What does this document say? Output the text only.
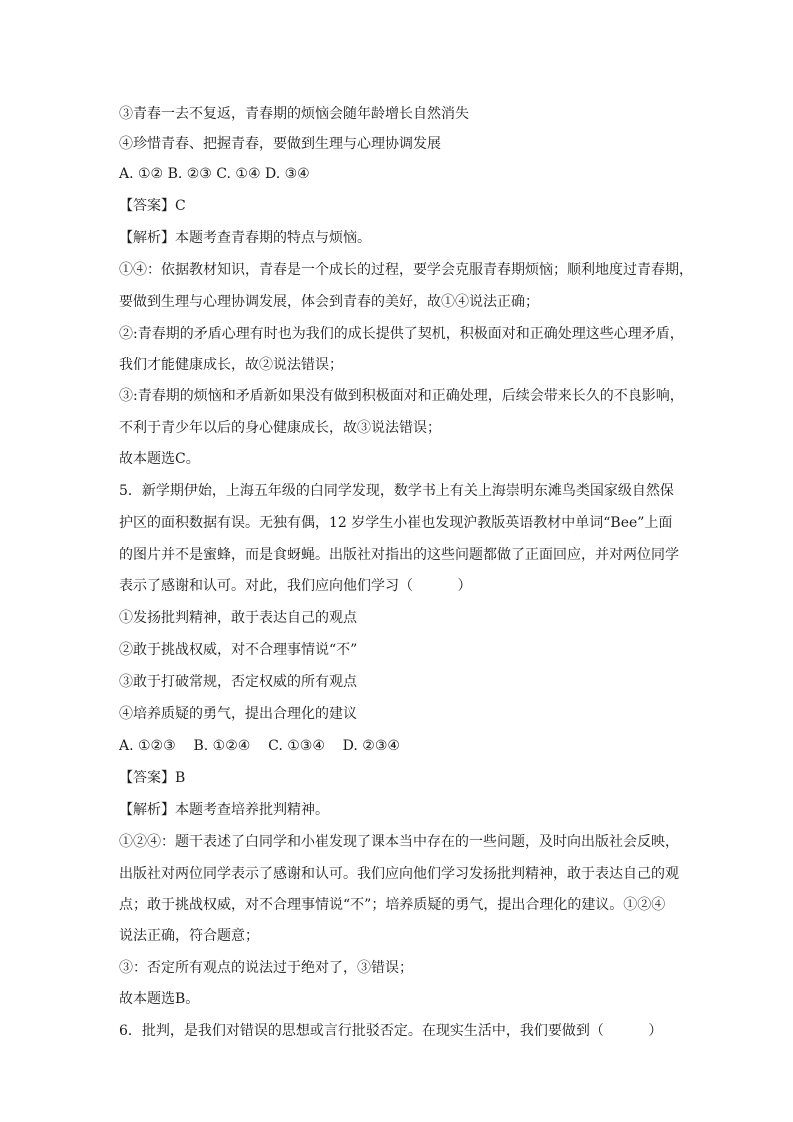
③青春一去不复返，青春期的烦恼会随年龄增长自然消失
④珍惜青春、把握青春，要做到生理与心理协调发展
A. ①② B. ②③ C. ①④ D. ③④
【答案】C
【解析】本题考查青春期的特点与烦恼。
①④：依据教材知识，青春是一个成长的过程，要学会克服青春期烦恼；顺利地度过青春期，
要做到生理与心理协调发展，体会到青春的美好，故①④说法正确；
②:青春期的矛盾心理有时也为我们的成长提供了契机，积极面对和正确处理这些心理矛盾，
我们才能健康成长，故②说法错误；
③:青春期的烦恼和矛盾新如果没有做到积极面对和正确处理，后续会带来长久的不良影响，
不利于青少年以后的身心健康成长，故③说法错误；
故本题选C。
5．新学期伊始，上海五年级的白同学发现，数学书上有关上海崇明东滩鸟类国家级自然保
护区的面积数据有误。无独有偶，12 岁学生小崔也发现沪教版英语教材中单词“Bee”上面
的图片并不是蜜蜂，而是食蚜蝇。出版社对指出的这些问题都做了正面回应，并对两位同学
表示了感谢和认可。对此，我们应向他们学习（          ）
①发扬批判精神，敢于表达自己的观点
②敢于挑战权威，对不合理事情说“不”
③敢于打破常规，否定权威的所有观点
④培养质疑的勇气，提出合理化的建议
A. ①②③    B. ①②④    C. ①③④    D. ②③④
【答案】B
【解析】本题考查培养批判精神。
①②④：题干表述了白同学和小崔发现了课本当中存在的一些问题，及时向出版社会反映，
出版社对两位同学表示了感谢和认可。我们应向他们学习发扬批判精神，敢于表达自己的观
点；敢于挑战权威，对不合理事情说“不”；培养质疑的勇气，提出合理化的建议。①②④
说法正确，符合题意；
③：否定所有观点的说法过于绝对了，③错误；
故本题选B。
6．批判，是我们对错误的思想或言行批驳否定。在现实生活中，我们要做到（          ）
